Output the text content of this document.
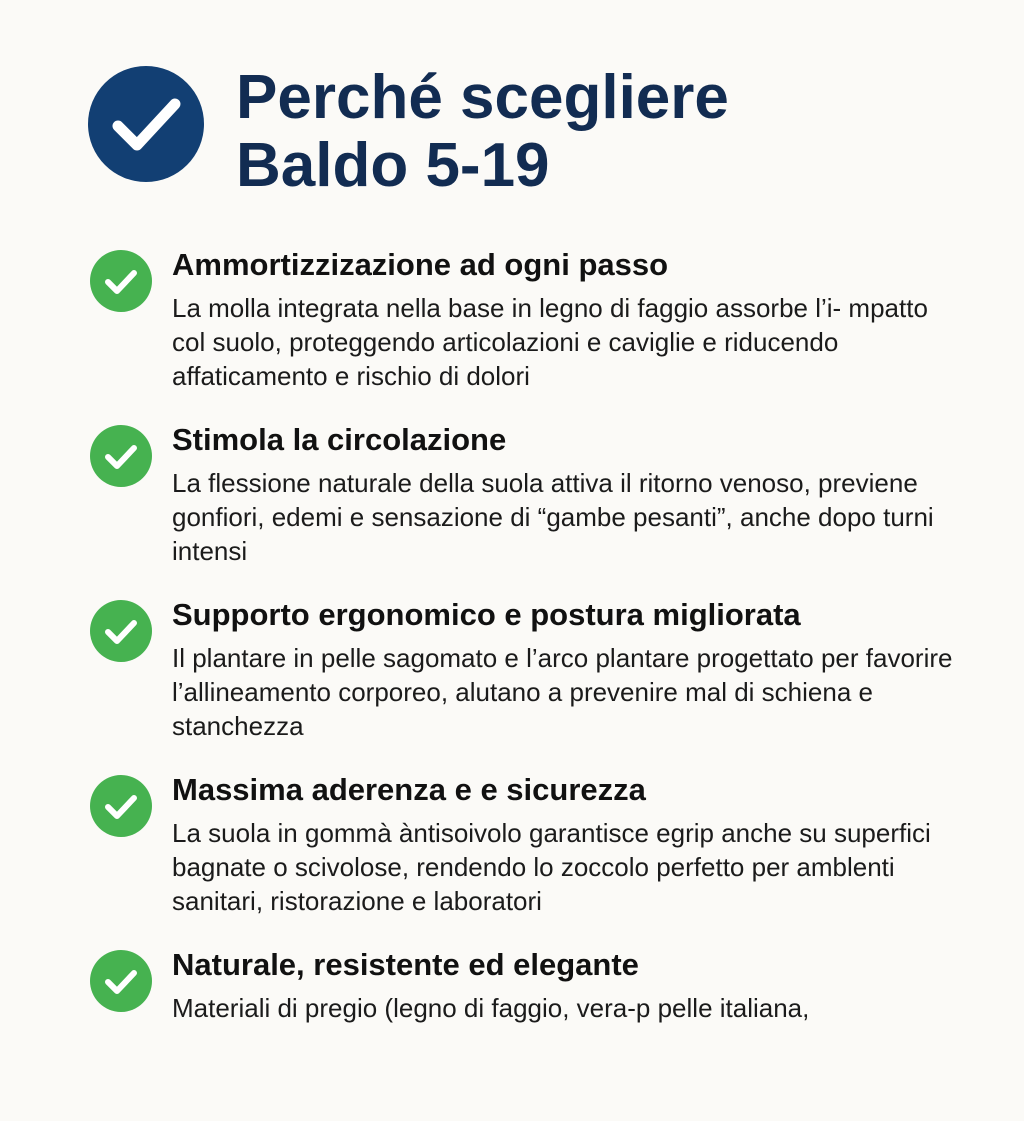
Perché scegliere
Baldo 5-19
Ammortizzizazione ad ogni passo

La molla integrata nella base in legno di faggio assorbe l’i- mpatto col suolo, proteggendo articolazioni e caviglie e riducendo affaticamento e rischio di dolori

Stimola la circolazione

La flessione naturale della suola attiva il ritorno venoso, previene gonfiori, edemi e sensazione di “gambe pesanti”, anche dopo turni intensi

Supporto ergonomico e postura migliorata

Il plantare in pelle sagomato e l’arco plantare progettato per favorire l’allineamento corporeo, alutano a prevenire mal di schiena e stanchezza

Massima aderenza e e sicurezza

La suola in gommà àntisoivolo garantisce egrip anche su superfici bagnate o scivolose, rendendo lo zoccolo perfetto per amblenti sanitari, ristorazione e laboratori

Naturale, resistente ed elegante

Materiali di pregio (legno di faggio, vera-p pelle italiana,
